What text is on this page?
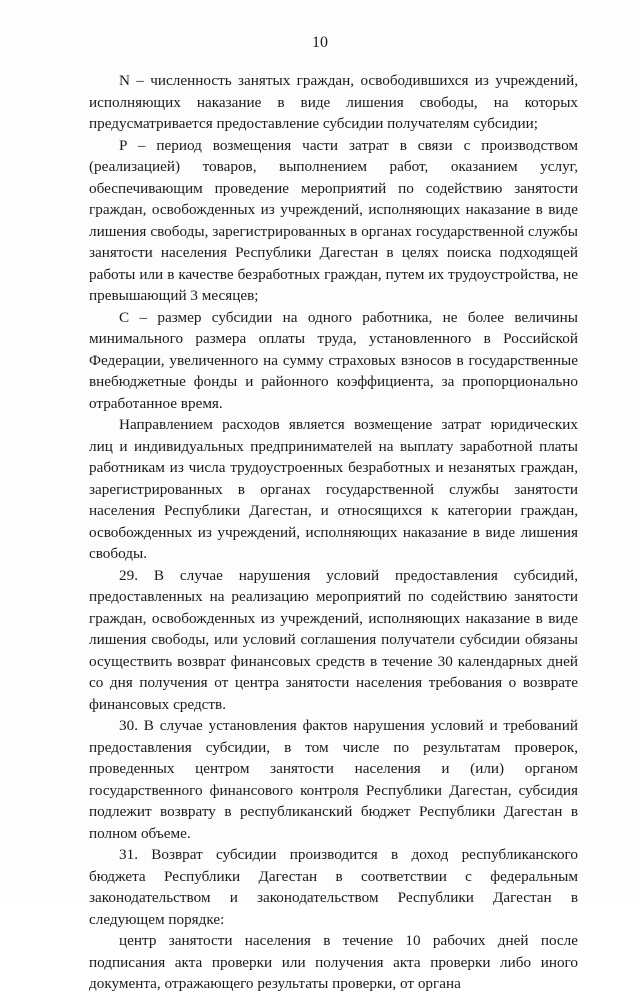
10

N – численность занятых граждан, освободившихся из учреждений, исполняющих наказание в виде лишения свободы, на которых предусматривается предоставление субсидии получателям субсидии;

P – период возмещения части затрат в связи с производством (реализацией) товаров, выполнением работ, оказанием услуг, обеспечивающим проведение мероприятий по содействию занятости граждан, освобожденных из учреждений, исполняющих наказание в виде лишения свободы, зарегистрированных в органах государственной службы занятости населения Республики Дагестан в целях поиска подходящей работы или в качестве безработных граждан, путем их трудоустройства, не превышающий 3 месяцев;

C – размер субсидии на одного работника, не более величины минимального размера оплаты труда, установленного в Российской Федерации, увеличенного на сумму страховых взносов в государственные внебюджетные фонды и районного коэффициента, за пропорционально отработанное время.

Направлением расходов является возмещение затрат юридических лиц и индивидуальных предпринимателей на выплату заработной платы работникам из числа трудоустроенных безработных и незанятых граждан, зарегистрированных в органах государственной службы занятости населения Республики Дагестан, и относящихся к категории граждан, освобожденных из учреждений, исполняющих наказание в виде лишения свободы.

29. В случае нарушения условий предоставления субсидий, предоставленных на реализацию мероприятий по содействию занятости граждан, освобожденных из учреждений, исполняющих наказание в виде лишения свободы, или условий соглашения получатели субсидии обязаны осуществить возврат финансовых средств в течение 30 календарных дней со дня получения от центра занятости населения требования о возврате финансовых средств.

30. В случае установления фактов нарушения условий и требований предоставления субсидии, в том числе по результатам проверок, проведенных центром занятости населения и (или) органом государственного финансового контроля Республики Дагестан, субсидия подлежит возврату в республиканский бюджет Республики Дагестан в полном объеме.

31. Возврат субсидии производится в доход республиканского бюджета Республики Дагестан в соответствии с федеральным законодательством и законодательством Республики Дагестан в следующем порядке:

центр занятости населения в течение 10 рабочих дней после подписания акта проверки или получения акта проверки либо иного документа, отражающего результаты проверки, от органа
